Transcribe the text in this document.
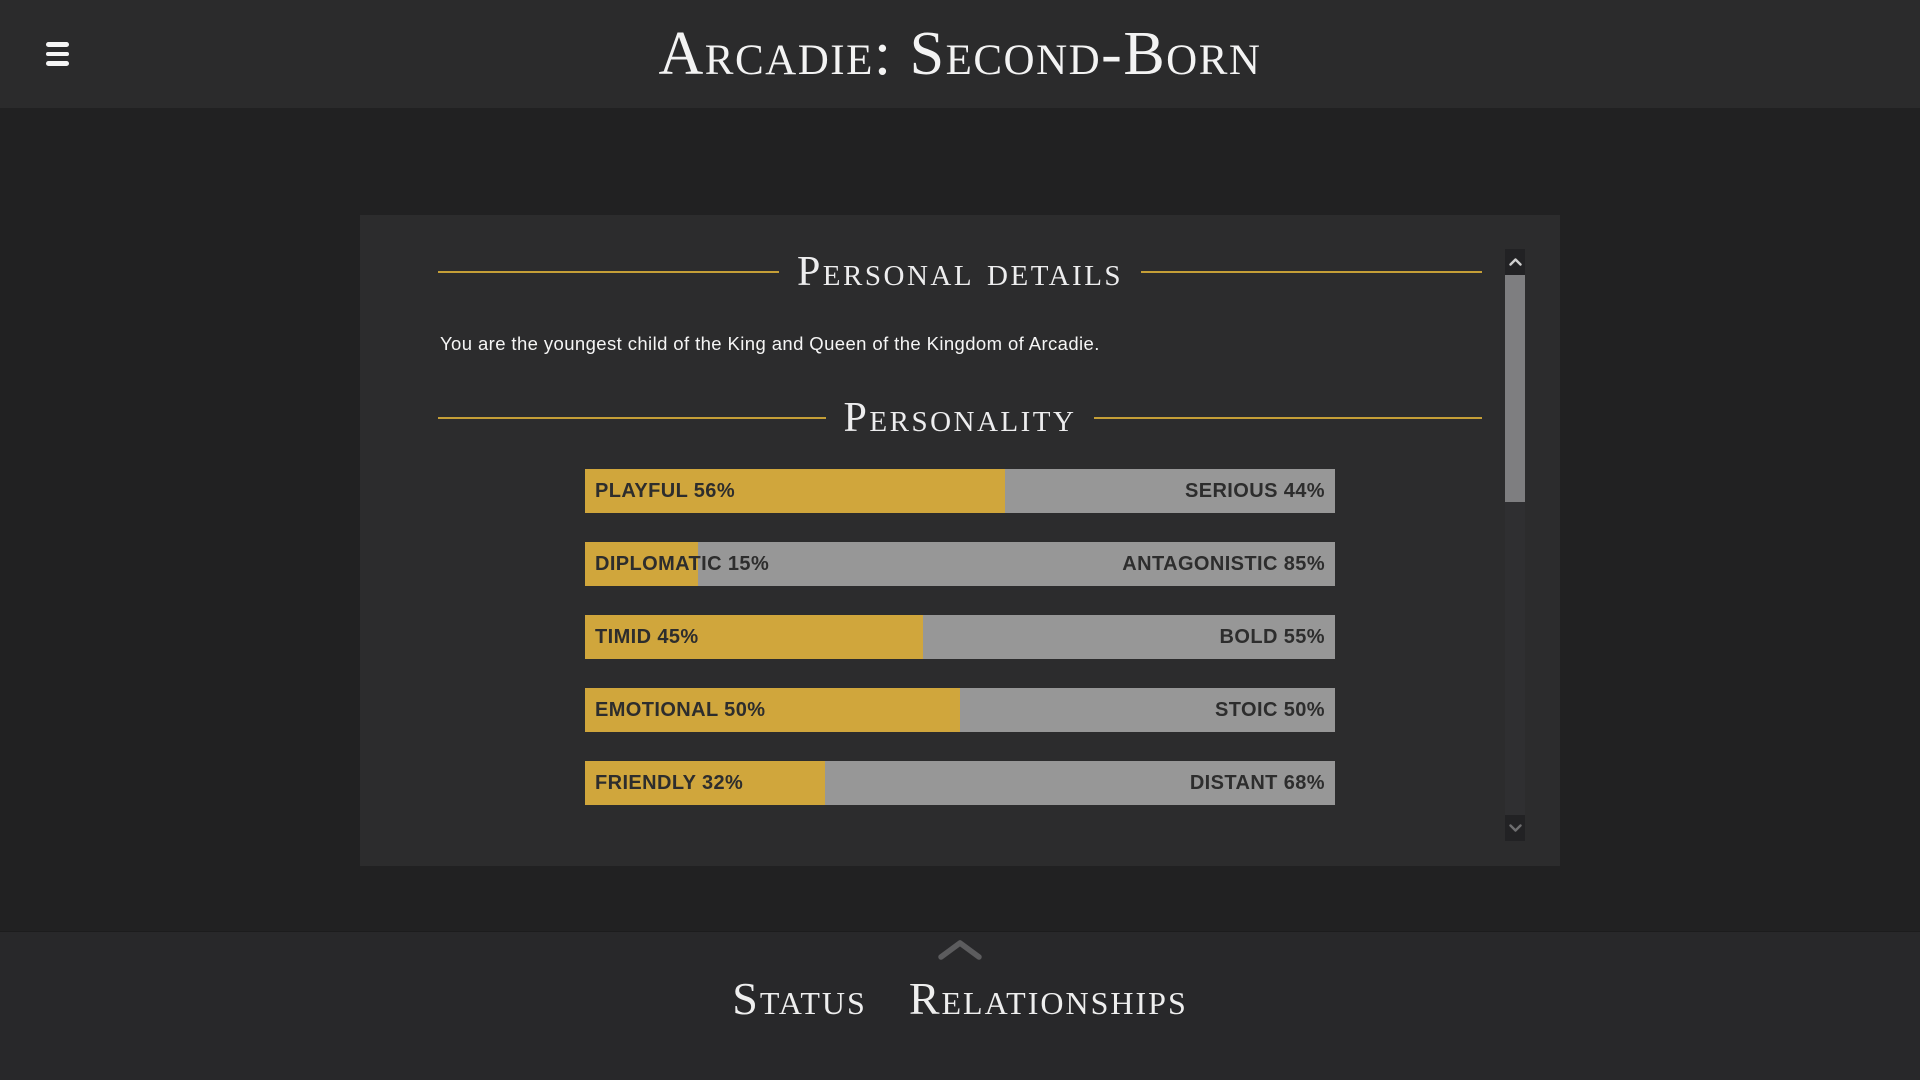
Arcadie: Second-Born
Personal details

You are the youngest child of the King and Queen of the Kingdom of Arcadie.

Personality
PLAYFUL 56%	SERIOUS 44%
DIPLOMATIC 15%	ANTAGONISTIC 85%
TIMID 45%	BOLD 55%
EMOTIONAL 50%	STOIC 50%
FRIENDLY 32%	DISTANT 68%
Status Relationships
